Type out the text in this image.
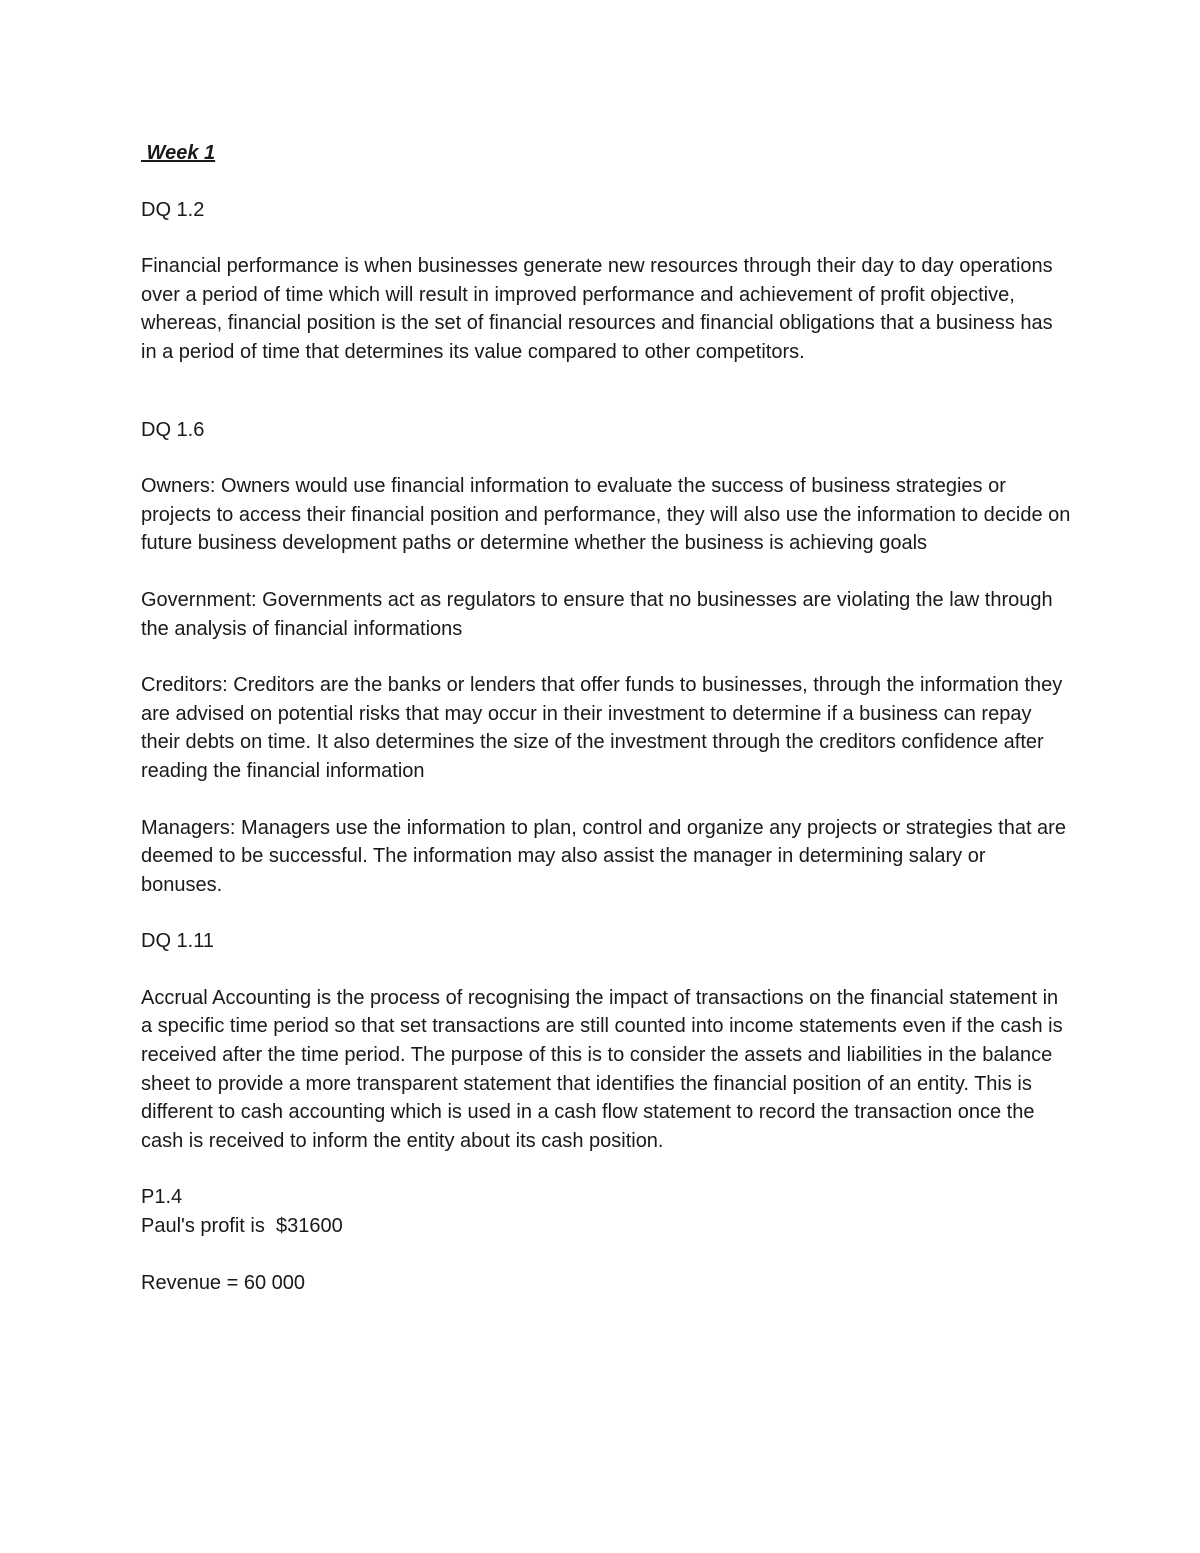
Week 1

DQ 1.2

Financial performance is when businesses generate new resources through their day to day operations over a period of time which will result in improved performance and achievement of profit objective, whereas, financial position is the set of financial resources and financial obligations that a business has in a period of time that determines its value compared to other competitors.

DQ 1.6

Owners: Owners would use financial information to evaluate the success of business strategies or projects to access their financial position and performance, they will also use the information to decide on future business development paths or determine whether the business is achieving goals

Government: Governments act as regulators to ensure that no businesses are violating the law through the analysis of financial informations

Creditors: Creditors are the banks or lenders that offer funds to businesses, through the information they are advised on potential risks that may occur in their investment to determine if a business can repay their debts on time. It also determines the size of the investment through the creditors confidence after reading the financial information

Managers: Managers use the information to plan, control and organize any projects or strategies that are deemed to be successful. The information may also assist the manager in determining salary or bonuses.

DQ 1.11

Accrual Accounting is the process of recognising the impact of transactions on the financial statement in a specific time period so that set transactions are still counted into income statements even if the cash is received after the time period. The purpose of this is to consider the assets and liabilities in the balance sheet to provide a more transparent statement that identifies the financial position of an entity. This is different to cash accounting which is used in a cash flow statement to record the transaction once the cash is received to inform the entity about its cash position.

P1.4

Paul's profit is  $31600

Revenue = 60 000
